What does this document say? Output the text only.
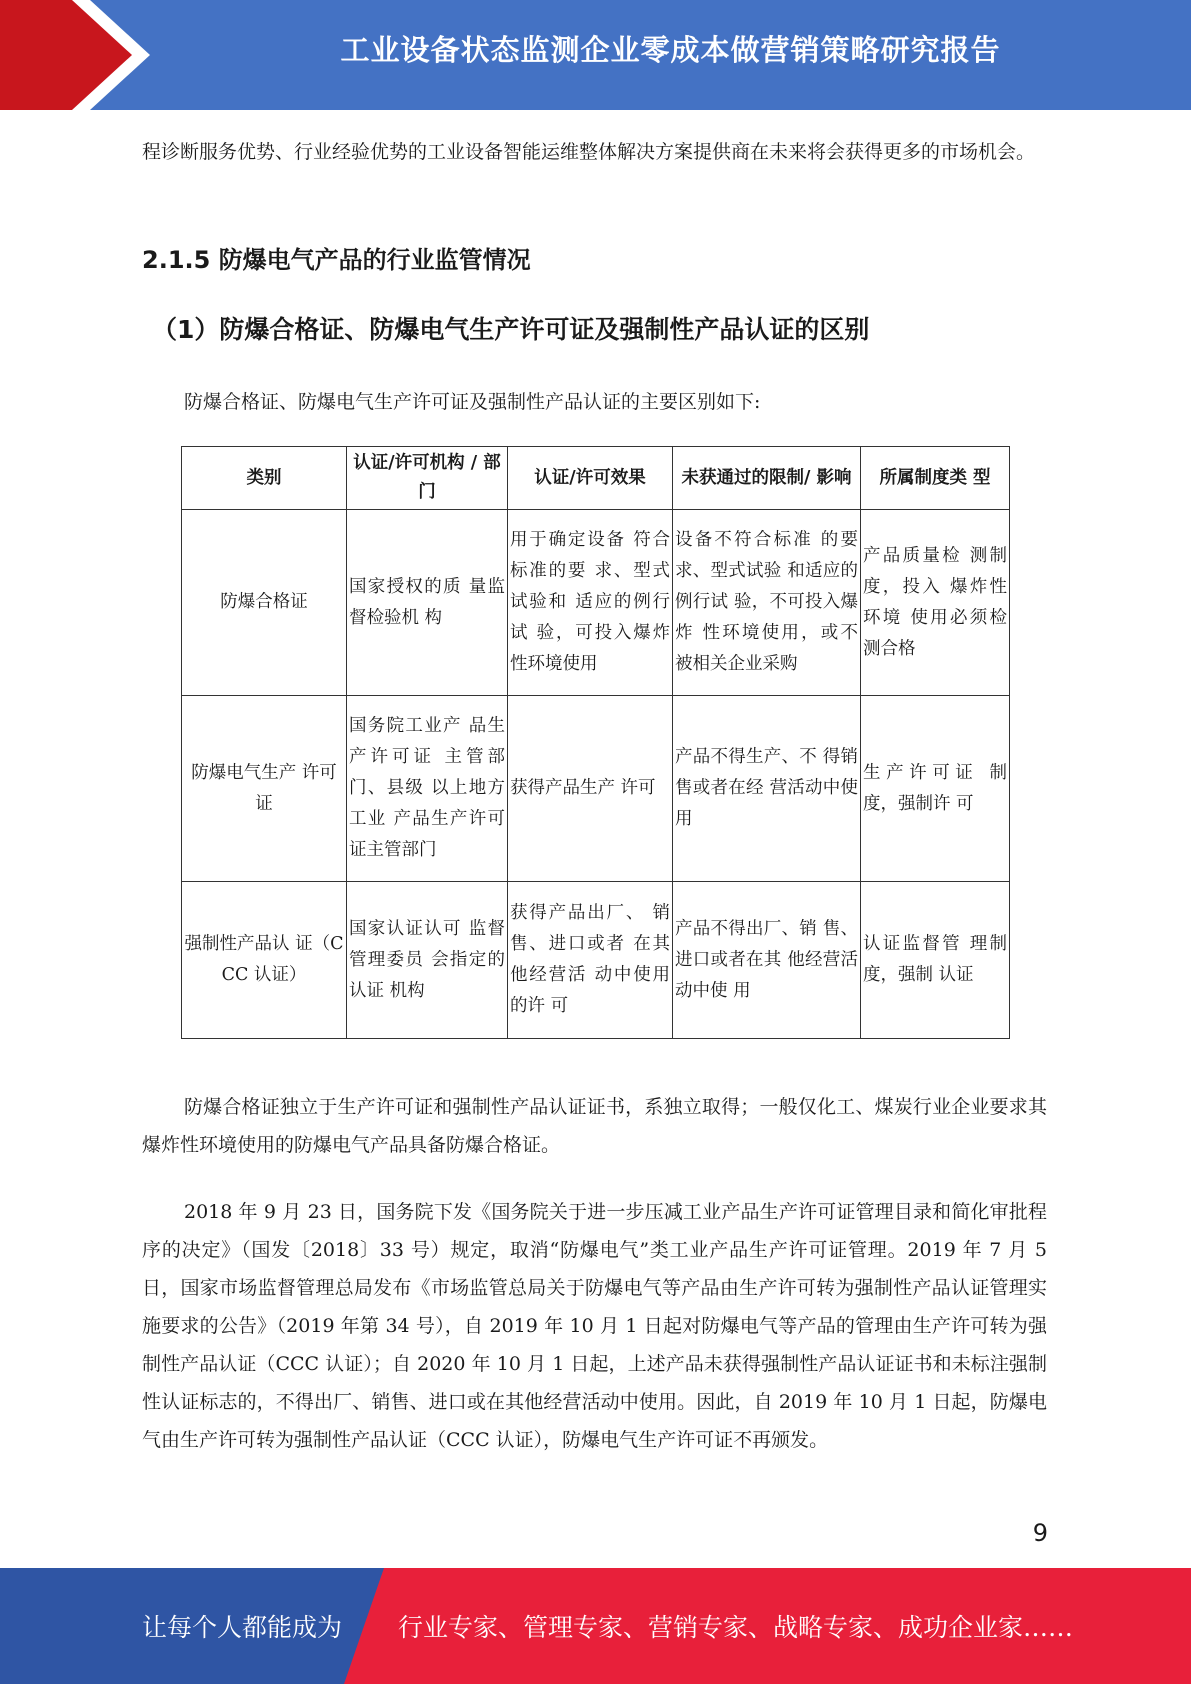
工业设备状态监测企业零成本做营销策略研究报告

程诊断服务优势、行业经验优势的工业设备智能运维整体解决方案提供商在未来将会获得更多的市场机会。

2.1.5 防爆电气产品的行业监管情况
（1）防爆合格证、防爆电气生产许可证及强制性产品认证的区别

防爆合格证、防爆电气生产许可证及强制性产品认证的主要区别如下:

类别	认证/许可机构 / 部门	认证/许可效果	未获通过的限制/ 影响	所属制度类 型
防爆合格证	国家授权的质 量监督检验机 构	用于确定设备 符合标准的要 求、型式试验和 适应的例行试 验，可投入爆炸 性环境使用	设备不符合标准 的要求、型式试验 和适应的例行试 验，不可投入爆炸 性环境使用，或不 被相关企业采购	产品质量检 测制度，投入 爆炸性环境 使用必须检 测合格
防爆电气生产 许可证	国务院工业产 品生产许可证 主管部门、县级 以上地方工业 产品生产许可 证主管部门	获得产品生产 许可	产品不得生产、不 得销售或者在经 营活动中使用	生产许可证 制度，强制许 可
强制性产品认 证（CCC 认证）	国家认证认可 监督管理委员 会指定的认证 机构	获得产品出厂、 销售、进口或者 在其他经营活 动中使用的许 可	产品不得出厂、销 售、进口或者在其 他经营活动中使 用	认证监督管 理制度，强制 认证

防爆合格证独立于生产许可证和强制性产品认证证书，系独立取得；一般仅化工、煤炭行业企业要求其爆炸性环境使用的防爆电气产品具备防爆合格证。

2018 年 9 月 23 日，国务院下发《国务院关于进一步压减工业产品生产许可证管理目录和简化审批程序的决定》（国发〔2018〕33 号）规定，取消“防爆电气”类工业产品生产许可证管理。2019 年 7 月 5 日，国家市场监督管理总局发布《市场监管总局关于防爆电气等产品由生产许可转为强制性产品认证管理实施要求的公告》（2019 年第 34 号），自 2019 年 10 月 1 日起对防爆电气等产品的管理由生产许可转为强制性产品认证（CCC 认证）；自 2020 年 10 月 1 日起，上述产品未获得强制性产品认证证书和未标注强制性认证标志的，不得出厂、销售、进口或在其他经营活动中使用。因此，自 2019 年 10 月 1 日起，防爆电气由生产许可转为强制性产品认证（CCC 认证），防爆电气生产许可证不再颁发。

9
让每个人都能成为 行业专家、管理专家、营销专家、战略专家、成功企业家……
